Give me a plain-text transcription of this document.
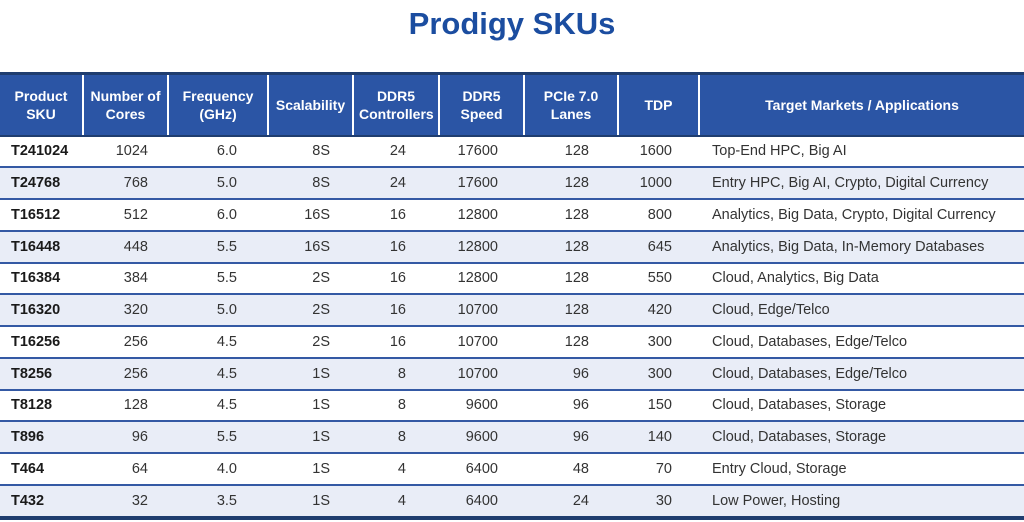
Prodigy SKUs
Product SKU	Number of Cores	Frequency (GHz)	Scalability	DDR5 Controllers	DDR5 Speed	PCIe 7.0 Lanes	TDP	Target Markets / Applications
T241024	1024	6.0	8S	24	17600	128	1600	Top-End HPC, Big AI
T24768	768	5.0	8S	24	17600	128	1000	Entry HPC, Big AI, Crypto, Digital Currency
T16512	512	6.0	16S	16	12800	128	800	Analytics, Big Data, Crypto, Digital Currency
T16448	448	5.5	16S	16	12800	128	645	Analytics, Big Data, In-Memory Databases
T16384	384	5.5	2S	16	12800	128	550	Cloud, Analytics, Big Data
T16320	320	5.0	2S	16	10700	128	420	Cloud, Edge/Telco
T16256	256	4.5	2S	16	10700	128	300	Cloud, Databases, Edge/Telco
T8256	256	4.5	1S	8	10700	96	300	Cloud, Databases, Edge/Telco
T8128	128	4.5	1S	8	9600	96	150	Cloud, Databases, Storage
T896	96	5.5	1S	8	9600	96	140	Cloud, Databases, Storage
T464	64	4.0	1S	4	6400	48	70	Entry Cloud, Storage
T432	32	3.5	1S	4	6400	24	30	Low Power, Hosting
